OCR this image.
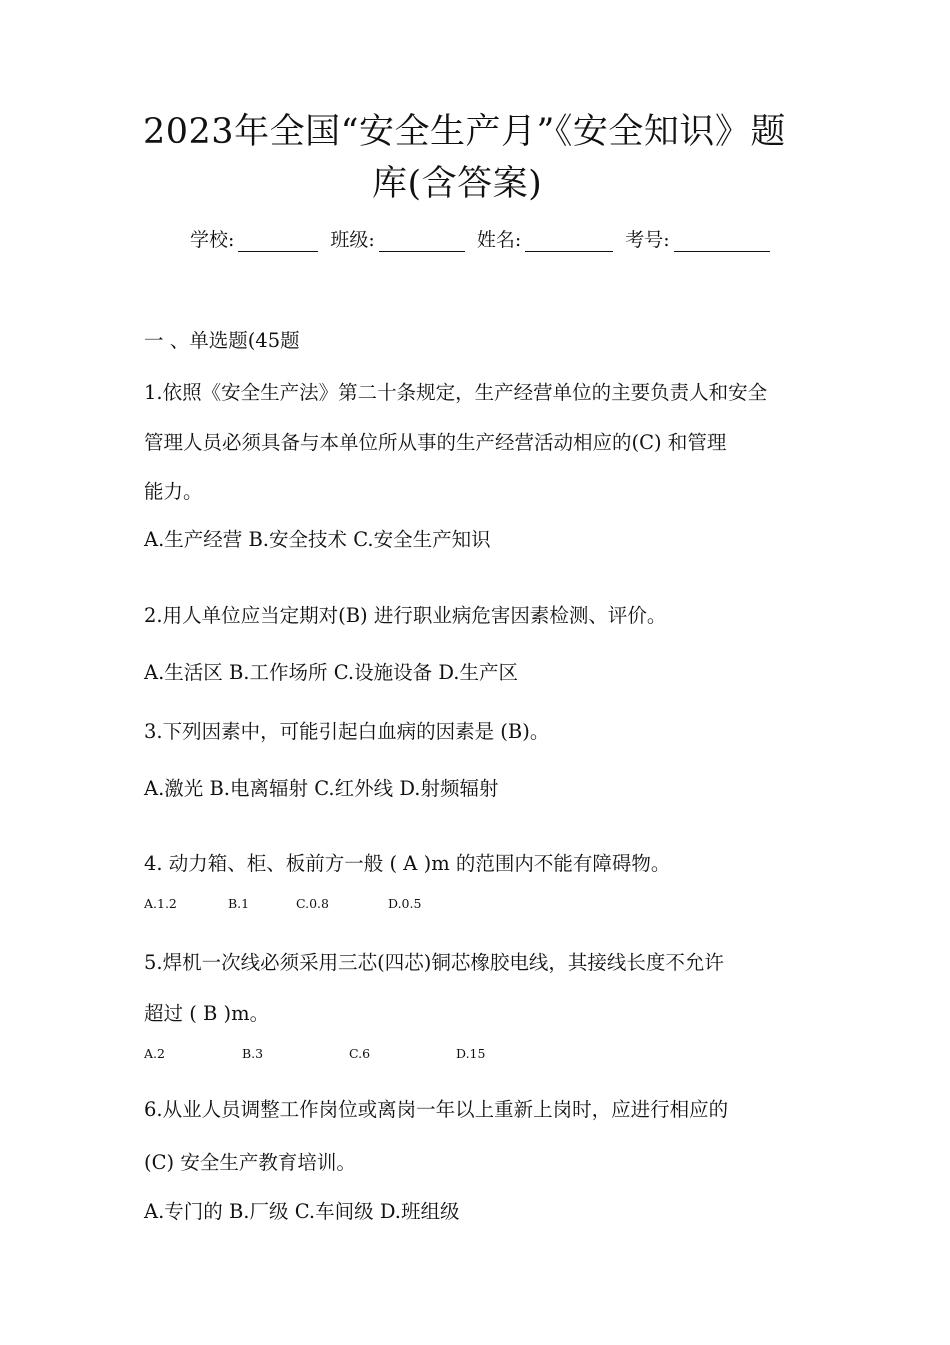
2023年全国“安全生产月”《安全知识》题
库(含答案)
学校:	班级:	姓名:	考号:
一 、单选题(45题
1.依照《安全生产法》第二十条规定，生产经营单位的主要负责人和安全
管理人员必须具备与本单位所从事的生产经营活动相应的(C) 和管理
能力。
A.生产经营 B.安全技术 C.安全生产知识
2.用人单位应当定期对(B) 进行职业病危害因素检测、评价。
A.生活区 B.工作场所 C.设施设备 D.生产区
3.下列因素中，可能引起白血病的因素是 (B)。
A.激光 B.电离辐射 C.红外线 D.射频辐射
4. 动力箱、柜、板前方一般 ( A )m 的范围内不能有障碍物。
A.1.2	B.1	C.0.8	D.0.5
5.焊机一次线必须采用三芯(四芯)铜芯橡胶电线，其接线长度不允许
超过 ( B )m。
A.2	B.3	C.6	D.15
6.从业人员调整工作岗位或离岗一年以上重新上岗时，应进行相应的
(C) 安全生产教育培训。
A.专门的 B.厂级 C.车间级 D.班组级
